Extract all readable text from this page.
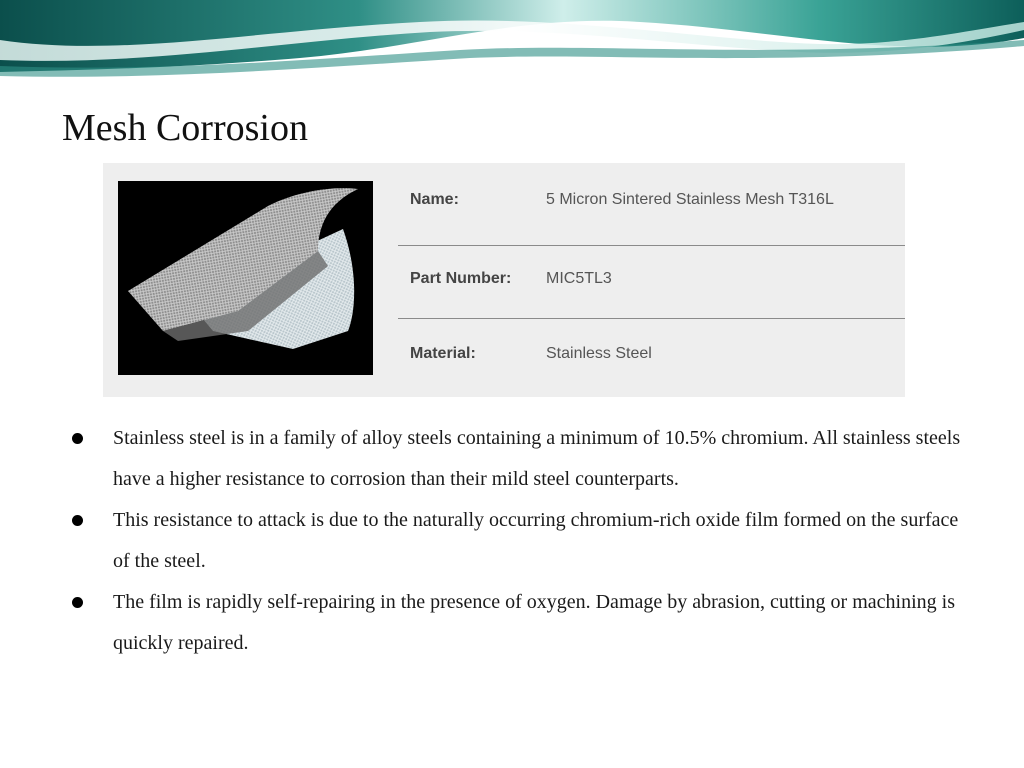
Mesh Corrosion
Name:	5 Micron Sintered Stainless Mesh T316L
Part Number: MIC5TL3
Material:	Stainless Steel
Stainless steel is in a family of alloy steels containing a minimum of 10.5% chromium. All stainless steels have a higher resistance to corrosion than their mild steel counterparts.
This resistance to attack is due to the naturally occurring chromium-rich oxide film formed on the surface of the steel.
The film is rapidly self-repairing in the presence of oxygen. Damage by abrasion, cutting or machining is quickly repaired.
